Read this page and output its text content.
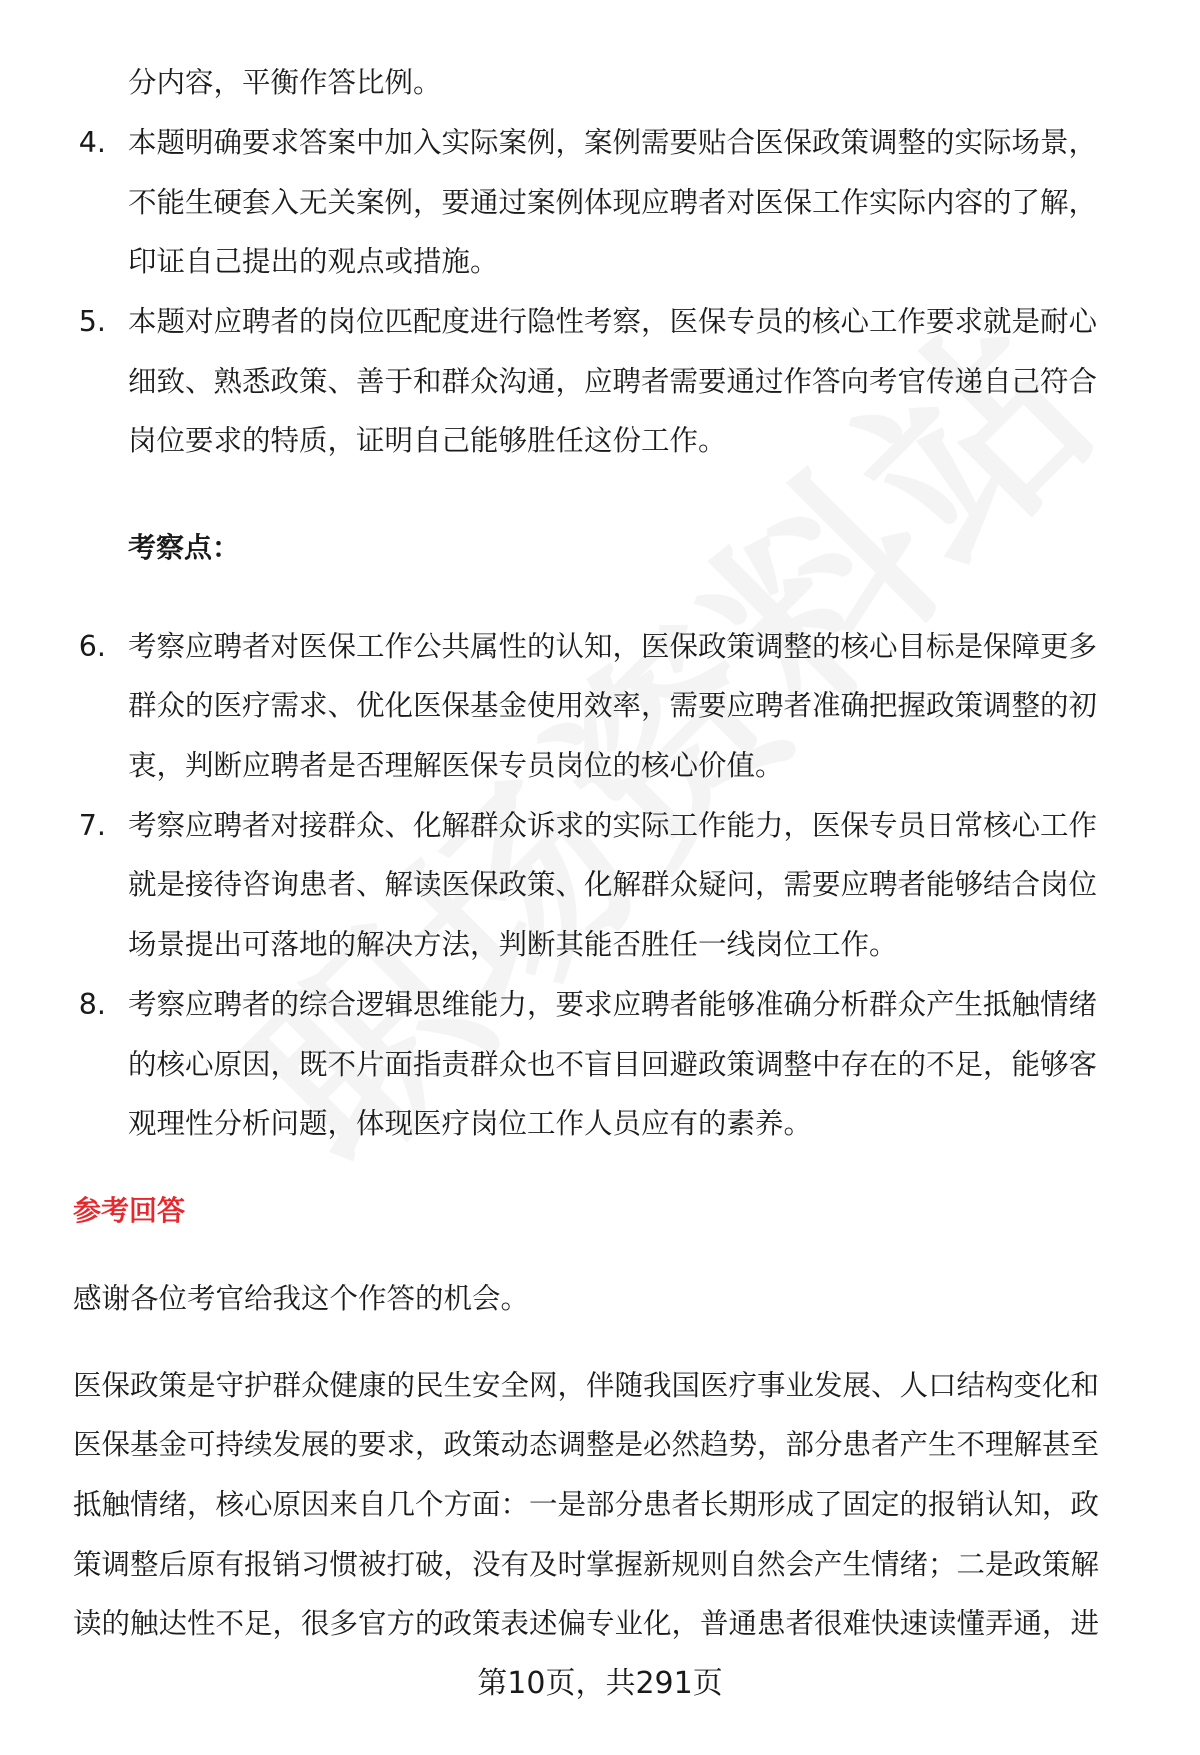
分内容，平衡作答比例。
4. 本题明确要求答案中加入实际案例，案例需要贴合医保政策调整的实际场景，
不能生硬套入无关案例，要通过案例体现应聘者对医保工作实际内容的了解，
印证自己提出的观点或措施。
5. 本题对应聘者的岗位匹配度进行隐性考察，医保专员的核心工作要求就是耐心
细致、熟悉政策、善于和群众沟通，应聘者需要通过作答向考官传递自己符合
岗位要求的特质，证明自己能够胜任这份工作。
考察点：
6. 考察应聘者对医保工作公共属性的认知，医保政策调整的核心目标是保障更多
群众的医疗需求、优化医保基金使用效率，需要应聘者准确把握政策调整的初
衷，判断应聘者是否理解医保专员岗位的核心价值。
7. 考察应聘者对接群众、化解群众诉求的实际工作能力，医保专员日常核心工作
就是接待咨询患者、解读医保政策、化解群众疑问，需要应聘者能够结合岗位
场景提出可落地的解决方法，判断其能否胜任一线岗位工作。
8. 考察应聘者的综合逻辑思维能力，要求应聘者能够准确分析群众产生抵触情绪
的核心原因，既不片面指责群众也不盲目回避政策调整中存在的不足，能够客
观理性分析问题，体现医疗岗位工作人员应有的素养。
参考回答
感谢各位考官给我这个作答的机会。
医保政策是守护群众健康的民生安全网，伴随我国医疗事业发展、人口结构变化和
医保基金可持续发展的要求，政策动态调整是必然趋势，部分患者产生不理解甚至
抵触情绪，核心原因来自几个方面：一是部分患者长期形成了固定的报销认知，政
策调整后原有报销习惯被打破，没有及时掌握新规则自然会产生情绪；二是政策解
读的触达性不足，很多官方的政策表述偏专业化，普通患者很难快速读懂弄通，进
第10页，共291页
